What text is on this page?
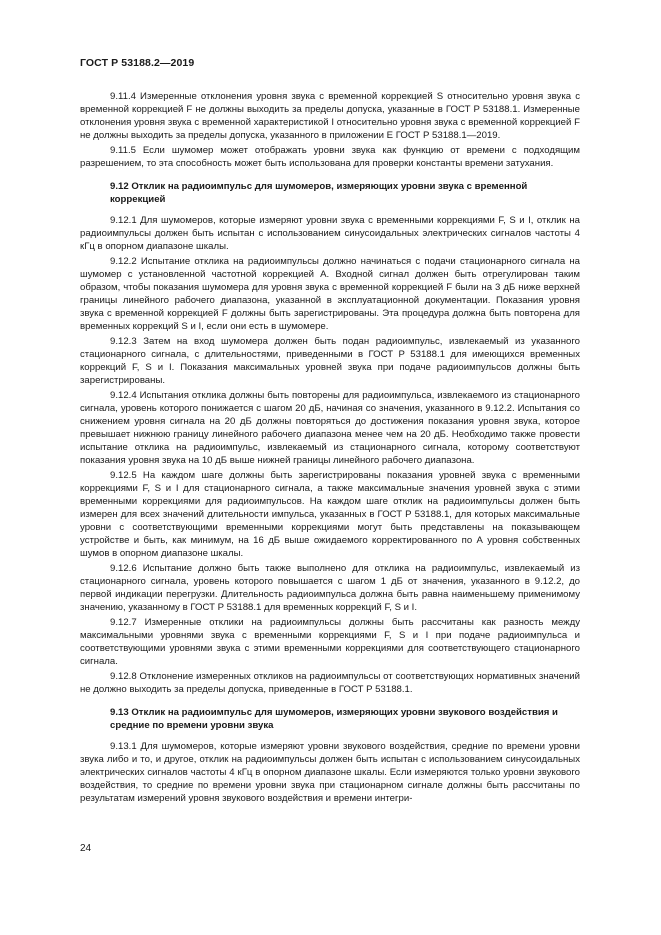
ГОСТ Р 53188.2—2019

9.11.4 Измеренные отклонения уровня звука с временной коррекцией S относительно уровня звука с временной коррекцией F не должны выходить за пределы допуска, указанные в ГОСТ Р 53188.1. Измеренные отклонения уровня звука с временной характеристикой I относительно уровня звука с временной коррекцией F не должны выходить за пределы допуска, указанного в приложении Е ГОСТ Р 53188.1—2019.

9.11.5 Если шумомер может отображать уровни звука как функцию от времени с подходящим разрешением, то эта способность может быть использована для проверки константы времени затухания.

9.12 Отклик на радиоимпульс для шумомеров, измеряющих уровни звука с временной коррекцией

9.12.1 Для шумомеров, которые измеряют уровни звука с временными коррекциями F, S и I, отклик на радиоимпульсы должен быть испытан с использованием синусоидальных электрических сигналов частоты 4 кГц в опорном диапазоне шкалы.

9.12.2 Испытание отклика на радиоимпульсы должно начинаться с подачи стационарного сигнала на шумомер с установленной частотной коррекцией А. Входной сигнал должен быть отрегулирован таким образом, чтобы показания шумомера для уровня звука с временной коррекцией F были на 3 дБ ниже верхней границы линейного рабочего диапазона, указанной в эксплуатационной документации. Показания уровня звука с временной коррекцией F должны быть зарегистрированы. Эта процедура должна быть повторена для временных коррекций S и I, если они есть в шумомере.

9.12.3 Затем на вход шумомера должен быть подан радиоимпульс, извлекаемый из указанного стационарного сигнала, с длительностями, приведенными в ГОСТ Р 53188.1 для имеющихся временных коррекций F, S и I. Показания максимальных уровней звука при подаче радиоимпульсов должны быть зарегистрированы.

9.12.4 Испытания отклика должны быть повторены для радиоимпульса, извлекаемого из стационарного сигнала, уровень которого понижается с шагом 20 дБ, начиная со значения, указанного в 9.12.2. Испытания со снижением уровня сигнала на 20 дБ должны повторяться до достижения показания уровня звука, которое превышает нижнюю границу линейного рабочего диапазона менее чем на 20 дБ. Необходимо также провести испытание отклика на радиоимпульс, извлекаемый из стационарного сигнала, которому соответствуют показания уровня звука на 10 дБ выше нижней границы линейного рабочего диапазона.

9.12.5 На каждом шаге должны быть зарегистрированы показания уровней звука с временными коррекциями F, S и I для стационарного сигнала, а также максимальные значения уровней звука с этими временными коррекциями для радиоимпульсов. На каждом шаге отклик на радиоимпульсы должен быть измерен для всех значений длительности импульса, указанных в ГОСТ Р 53188.1, для которых максимальные уровни с соответствующими временными коррекциями могут быть представлены на показывающем устройстве и быть, как минимум, на 16 дБ выше ожидаемого корректированного по А уровня собственных шумов в опорном диапазоне шкалы.

9.12.6 Испытание должно быть также выполнено для отклика на радиоимпульс, извлекаемый из стационарного сигнала, уровень которого повышается с шагом 1 дБ от значения, указанного в 9.12.2, до первой индикации перегрузки. Длительность радиоимпульса должна быть равна наименьшему применимому значению, указанному в ГОСТ Р 53188.1 для временных коррекций F, S и I.

9.12.7 Измеренные отклики на радиоимпульсы должны быть рассчитаны как разность между максимальными уровнями звука с временными коррекциями F, S и I при подаче радиоимпульса и соответствующими уровнями звука с этими временными коррекциями для соответствующего стационарного сигнала.

9.12.8 Отклонение измеренных откликов на радиоимпульсы от соответствующих нормативных значений не должно выходить за пределы допуска, приведенные в ГОСТ Р 53188.1.

9.13 Отклик на радиоимпульс для шумомеров, измеряющих уровни звукового воздействия и средние по времени уровни звука

9.13.1 Для шумомеров, которые измеряют уровни звукового воздействия, средние по времени уровни звука либо и то, и другое, отклик на радиоимпульсы должен быть испытан с использованием синусоидальных электрических сигналов частоты 4 кГц в опорном диапазоне шкалы. Если измеряются только уровни звукового воздействия, то средние по времени уровни звука при стационарном сигнале должны быть рассчитаны по результатам измерений уровня звукового воздействия и времени интегри-

24
